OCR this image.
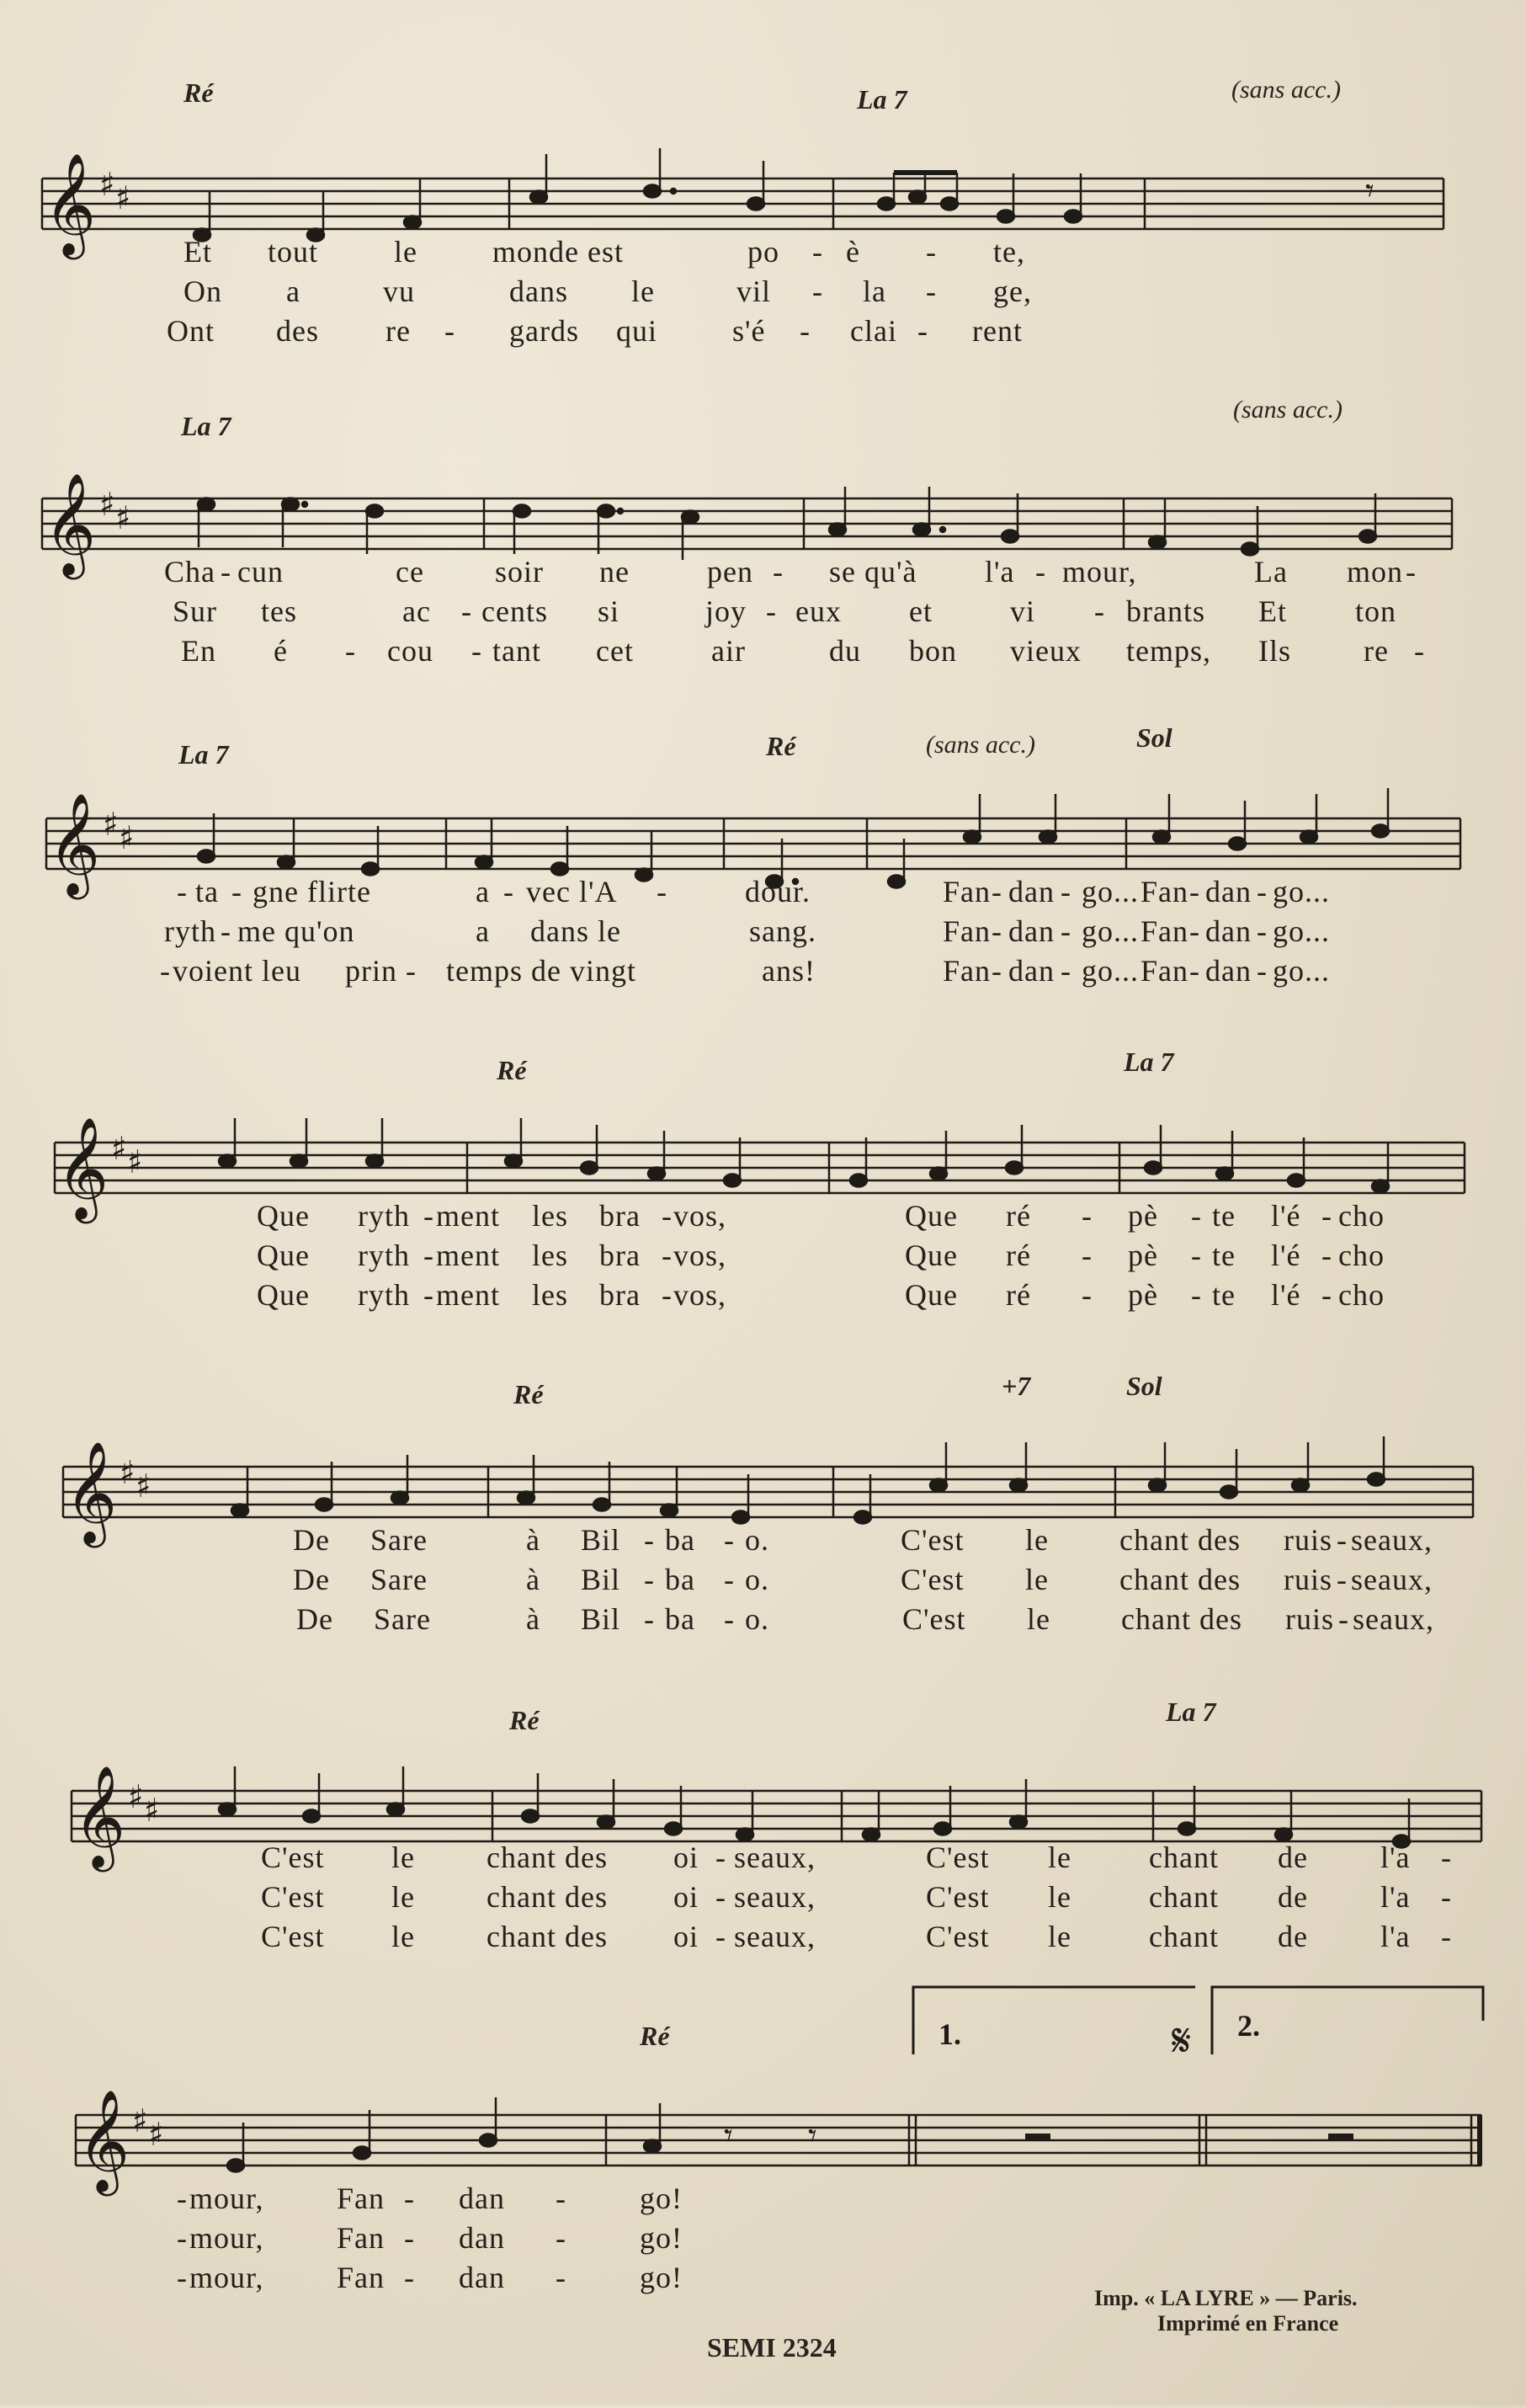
Ré	La 7	(sans acc.)
𝄞 ♯ ♯	𝄾
Et tout le monde est	po - è - te,
On a	vu	dans le	vil - la - ge,
Ont des re - gards qui s'é - clai - rent
La 7
(sans acc.)
𝄞 ♯ ♯
Cha - cun	ce soir ne	pen - se qu'à l'a - mour,	La mon -
Sur tes	ac - cents si	joy - eux et	vi - brants Et ton
En é - cou - tant cet	air	du bon vieux temps, Ils re -
La 7	Ré	(sans acc.)	Sol
𝄞 ♯ ♯
- ta - gne flirte	a - vec l'A -	dour.	Fan - dan - go... Fan - dan - go...
ryth - me qu'on	a dans le	sang.	Fan - dan - go... Fan - dan - go...
- voient leu prin - temps de vingt	ans!	Fan - dan - go... Fan - dan - go...
Ré	La 7
𝄞 ♯ ♯
Que ryth - ment les bra - vos,	Que ré - pè - te l'é - cho
Que ryth - ment les bra - vos,	Que ré - pè - te l'é - cho
Que ryth - ment les bra - vos,	Que ré - pè - te l'é - cho
Ré	+7	Sol
𝄞 ♯ ♯
De Sare	à Bil - ba - o.	C'est le chant des ruis - seaux,
De Sare	à Bil - ba - o.	C'est le chant des ruis - seaux,
De Sare	à Bil - ba - o.	C'est le chant des ruis - seaux,
Ré	La 7
𝄞 ♯ ♯
C'est le chant des oi - seaux,	C'est le	chant de l'a -
C'est le chant des oi - seaux,	C'est le	chant de l'a -
C'est le chant des oi - seaux,	C'est le	chant de l'a -
Ré	1.	𝄋 2.
𝄞 ♯ ♯	𝄾 𝄾
- mour, Fan - dan - go!
- mour, Fan - dan - go!
- mour, Fan - dan - go!
SEMI 2324
Imp. « LA LYRE » — Paris.
Imprimé en France
